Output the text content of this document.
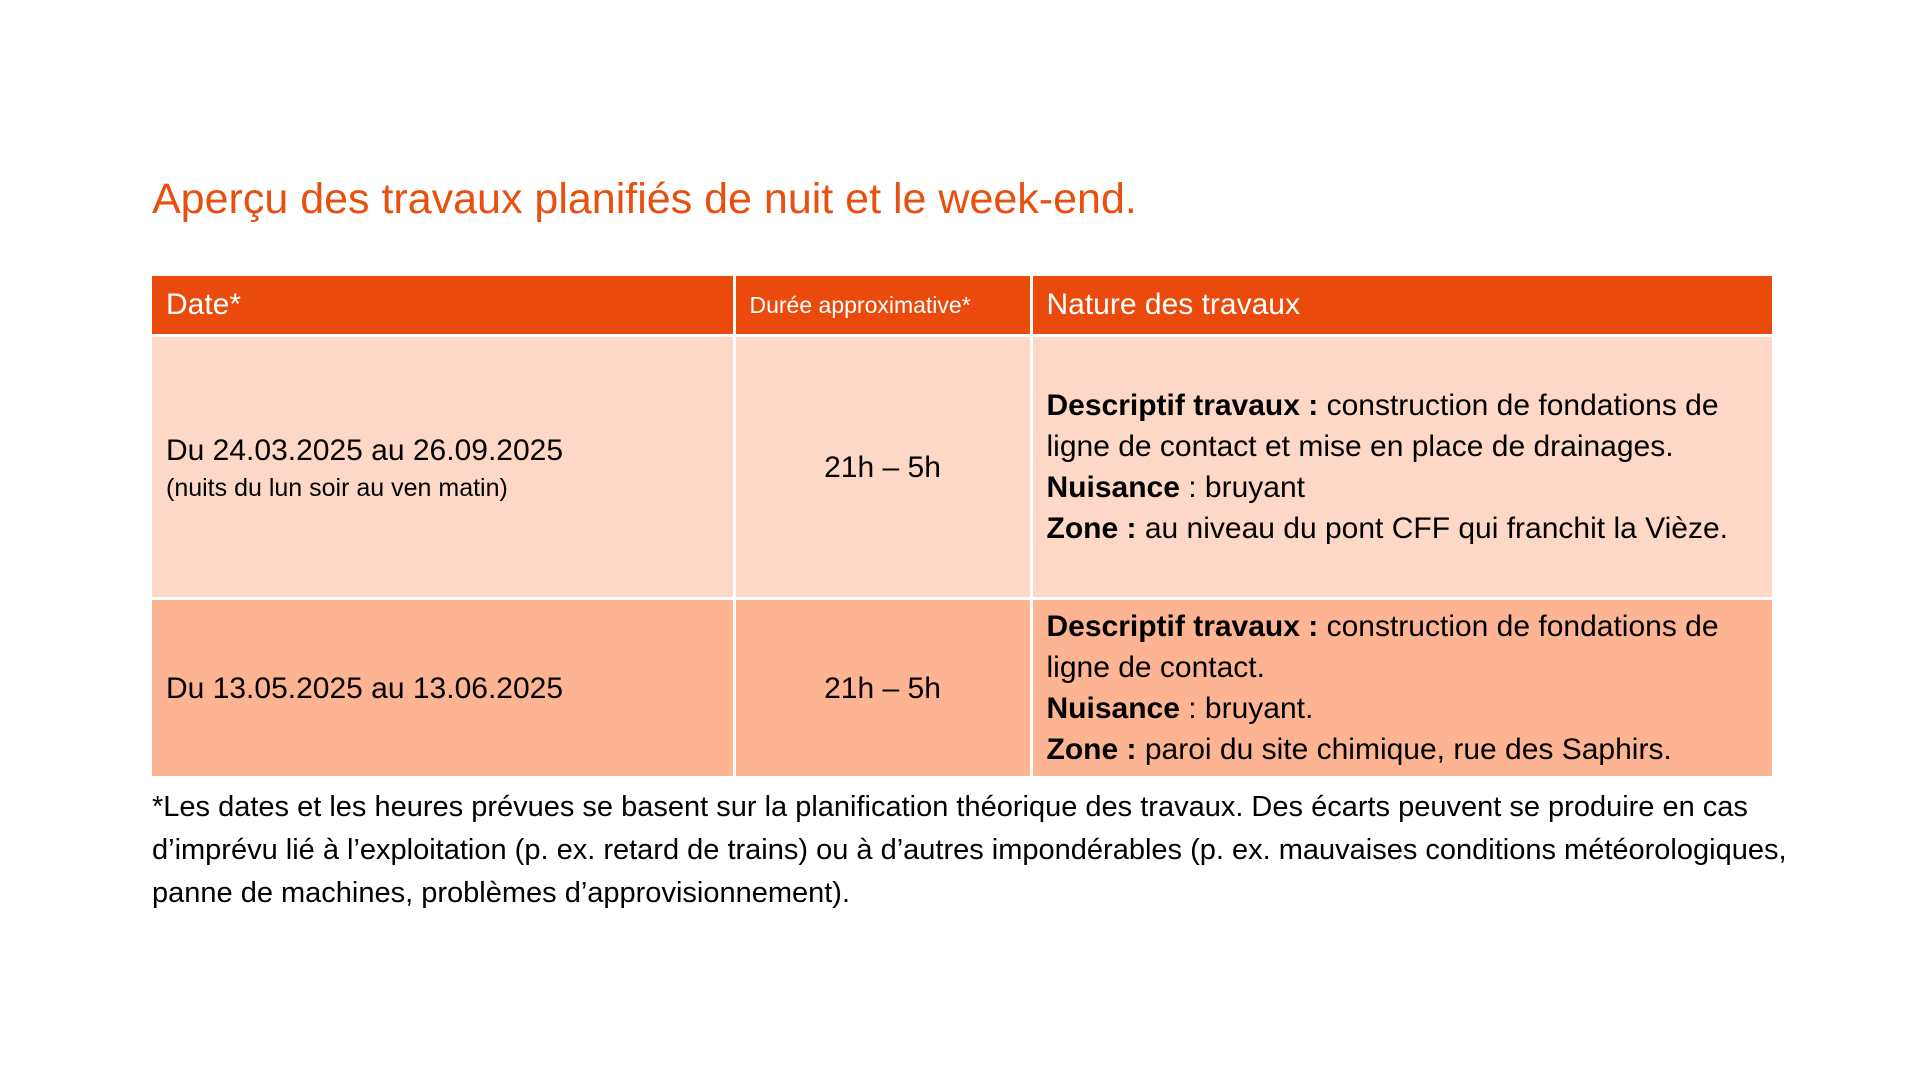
Aperçu des travaux planifiés de nuit et le week-end.
Date*	Durée approximative*	Nature des travaux

Du 24.03.2025 au 26.09.2025
(nuits du lun soir au ven matin)	21h – 5h	Descriptif travaux : construction de fondations de ligne de contact et mise en place de drainages.
Nuisance : bruyant
Zone : au niveau du pont CFF qui franchit la Vièze.

Du 13.05.2025 au 13.06.2025	21h – 5h	Descriptif travaux : construction de fondations de ligne de contact.
Nuisance : bruyant.
Zone : paroi du site chimique, rue des Saphirs.

*Les dates et les heures prévues se basent sur la planification théorique des travaux. Des écarts peuvent se produire en cas d’imprévu lié à l’exploitation (p. ex. retard de trains) ou à d’autres impondérables (p. ex. mauvaises conditions météorologiques, panne de machines, problèmes d’approvisionnement).
